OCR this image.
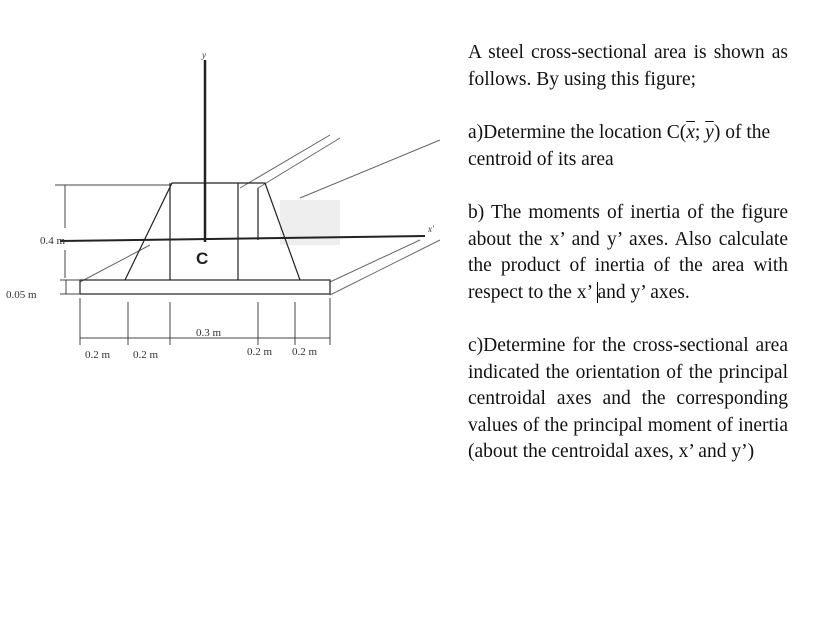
y
x'
C
0.4 m
0.05 m
0.2 m 0.2 m
0.3 m
0.2 m 0.2 m

A steel cross-sectional area is shown as follows. By using this figure;

a)Determine the location $C(\overline{x}$; $\overline{y}$) of the centroid of its area

b) The moments of inertia of the figure about the x’ and y’ axes. Also calculate the product of inertia of the area with respect to the x’ and y’ axes.

c)Determine for the cross-sectional area indicated the orientation of the principal centroidal axes and the corresponding values of the principal moment of inertia (about the centroidal axes, x’ and y’)
